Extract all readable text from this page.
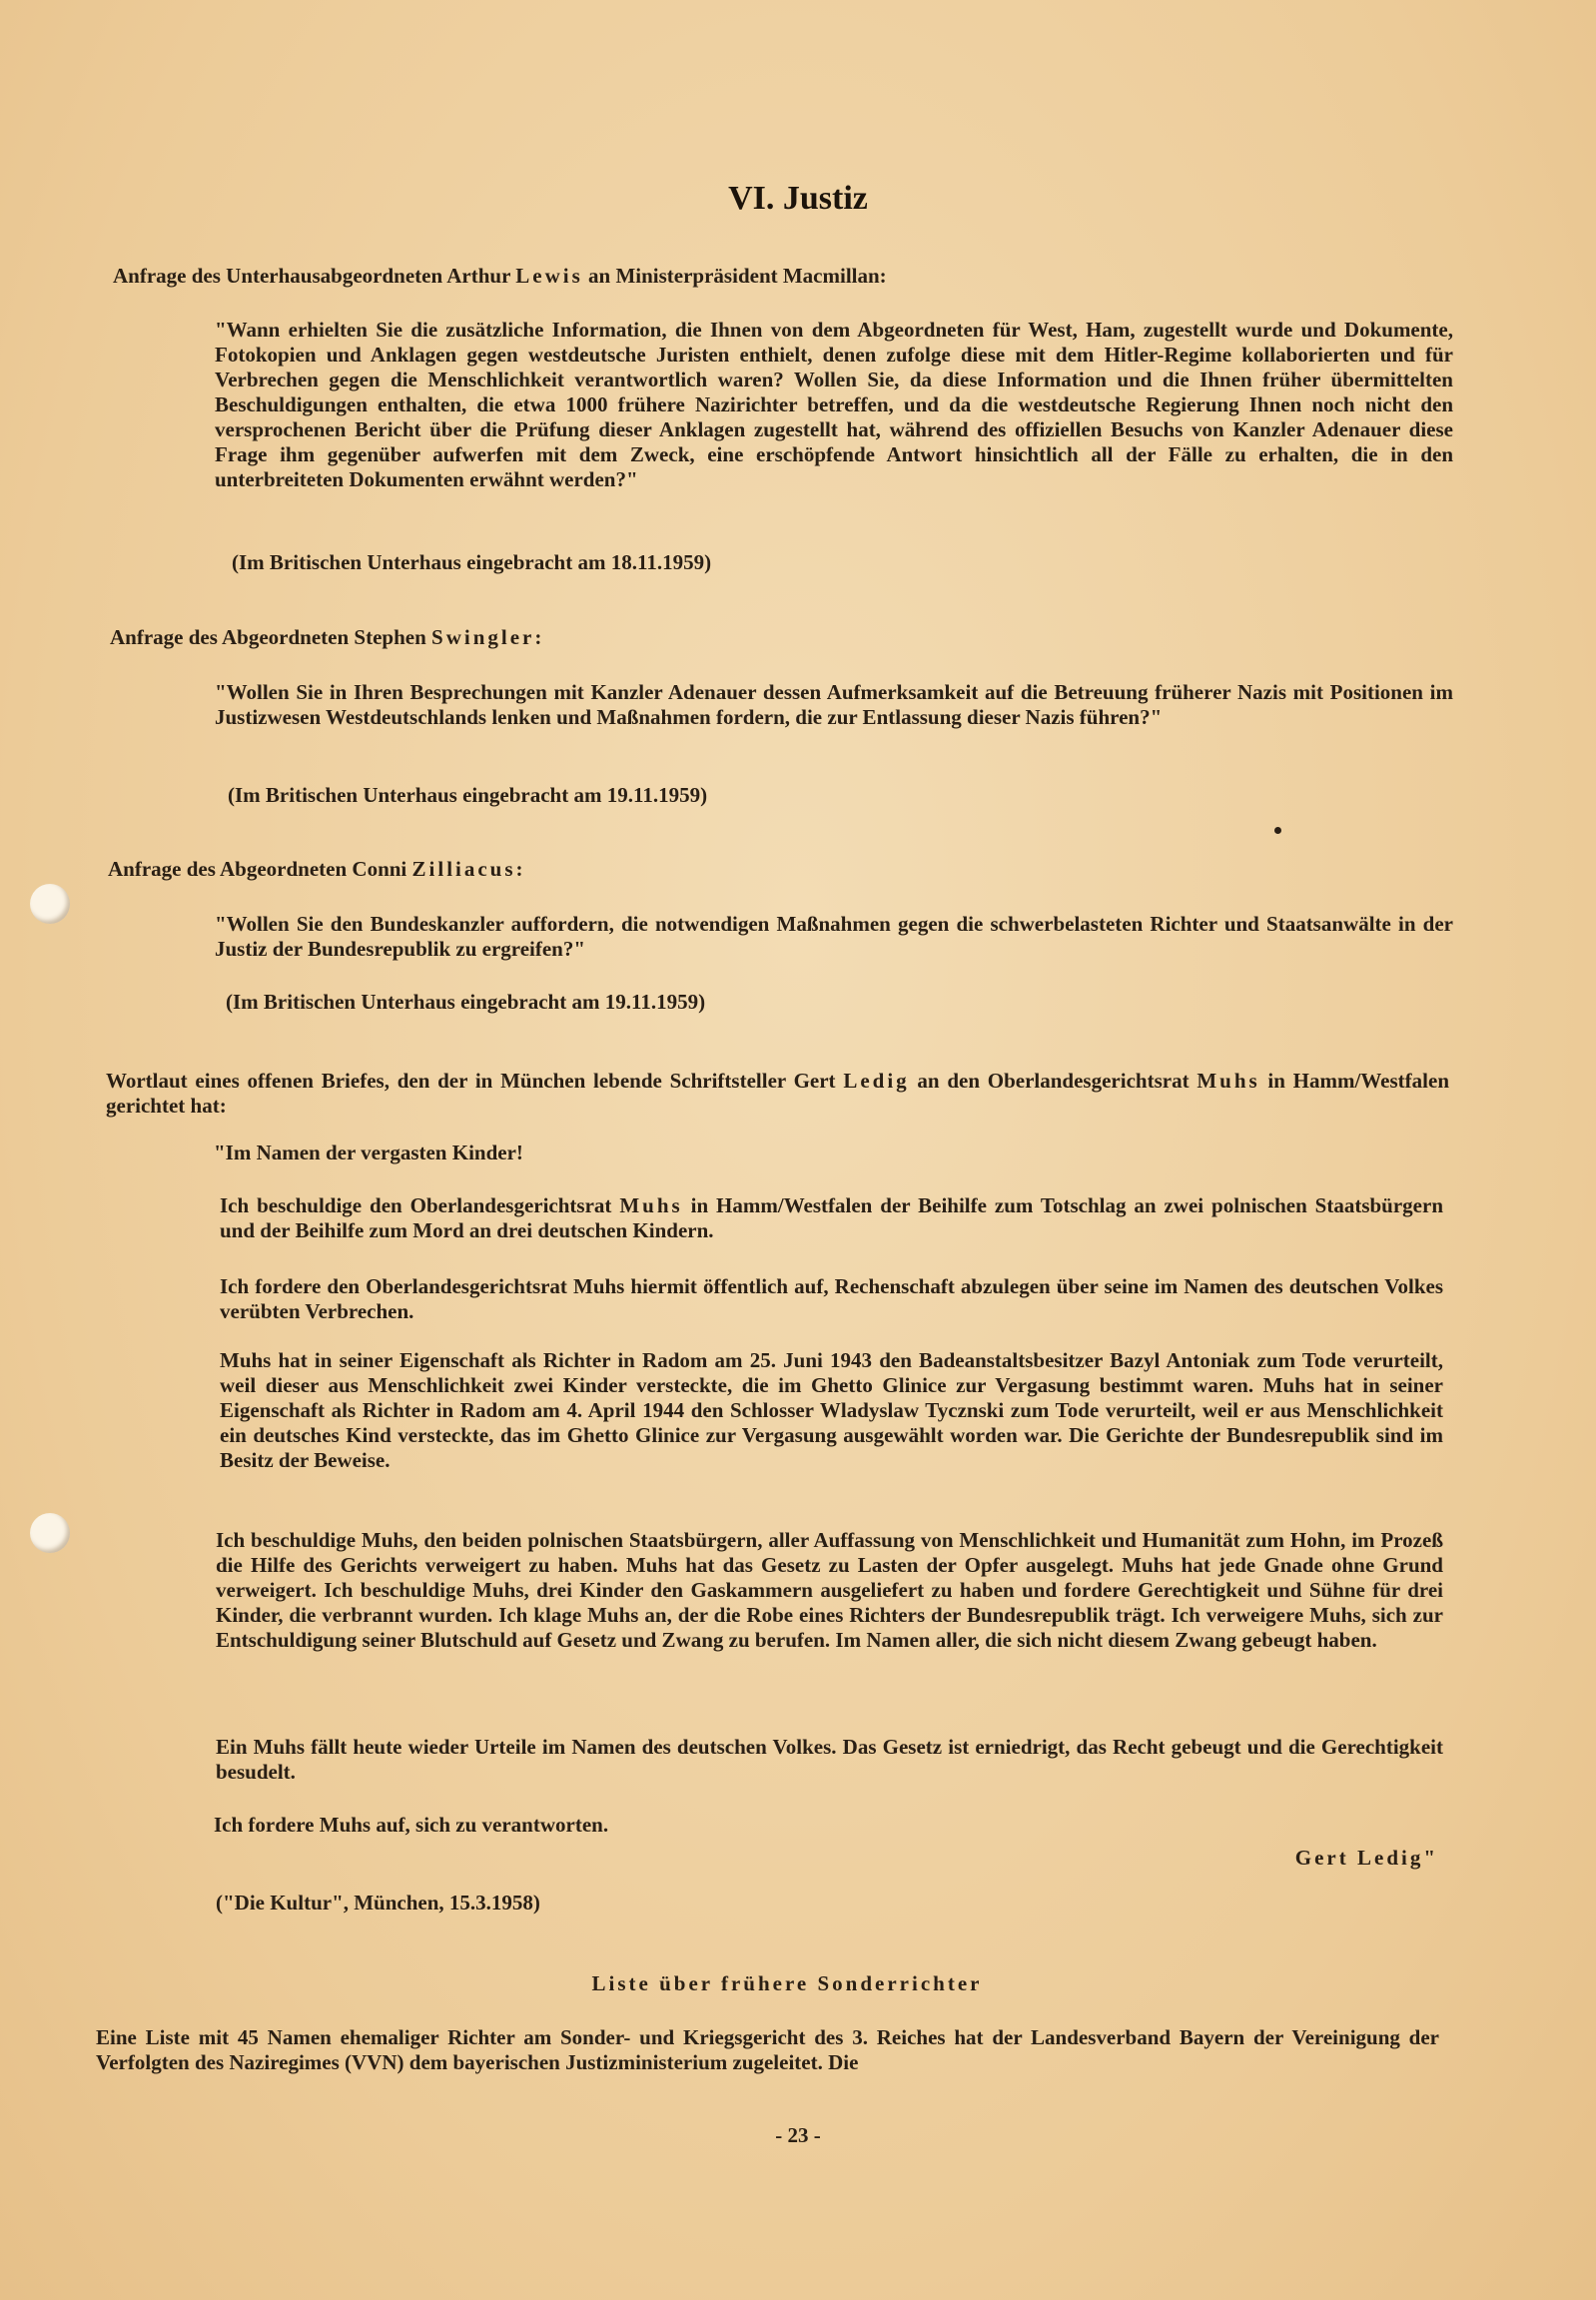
VI. Justiz
Anfrage des Unterhausabgeordneten Arthur Lewis an Ministerpräsident Macmillan:
"Wann erhielten Sie die zusätzliche Information, die Ihnen von dem Abgeordneten für West, Ham, zugestellt wurde und Dokumente, Fotokopien und Anklagen gegen westdeutsche Juristen enthielt, denen zufolge diese mit dem Hitler-Regime kollaborierten und für Verbrechen gegen die Menschlichkeit verantwortlich waren? Wollen Sie, da diese Information und die Ihnen früher übermittelten Beschuldigungen enthalten, die etwa 1000 frühere Nazirichter betreffen, und da die westdeutsche Regierung Ihnen noch nicht den versprochenen Bericht über die Prüfung dieser Anklagen zugestellt hat, während des offiziellen Besuchs von Kanzler Adenauer diese Frage ihm gegenüber aufwerfen mit dem Zweck, eine erschöpfende Antwort hinsichtlich all der Fälle zu erhalten, die in den unterbreiteten Dokumenten erwähnt werden?"
(Im Britischen Unterhaus eingebracht am 18.11.1959)
Anfrage des Abgeordneten Stephen Swingler:
"Wollen Sie in Ihren Besprechungen mit Kanzler Adenauer dessen Aufmerksamkeit auf die Betreuung früherer Nazis mit Positionen im Justizwesen Westdeutschlands lenken und Maßnahmen fordern, die zur Entlassung dieser Nazis führen?"
(Im Britischen Unterhaus eingebracht am 19.11.1959)
Anfrage des Abgeordneten Conni Zilliacus:
"Wollen Sie den Bundeskanzler auffordern, die notwendigen Maßnahmen gegen die schwerbelasteten Richter und Staatsanwälte in der Justiz der Bundesrepublik zu ergreifen?"
(Im Britischen Unterhaus eingebracht am 19.11.1959)
Wortlaut eines offenen Briefes, den der in München lebende Schriftsteller Gert Ledig an den Oberlandesgerichtsrat Muhs in Hamm/Westfalen gerichtet hat:
"Im Namen der vergasten Kinder!
Ich beschuldige den Oberlandesgerichtsrat Muhs in Hamm/Westfalen der Beihilfe zum Totschlag an zwei polnischen Staatsbürgern und der Beihilfe zum Mord an drei deutschen Kindern.
Ich fordere den Oberlandesgerichtsrat Muhs hiermit öffentlich auf, Rechenschaft abzulegen über seine im Namen des deutschen Volkes verübten Verbrechen.
Muhs hat in seiner Eigenschaft als Richter in Radom am 25. Juni 1943 den Badeanstaltsbesitzer Bazyl Antoniak zum Tode verurteilt, weil dieser aus Menschlichkeit zwei Kinder versteckte, die im Ghetto Glinice zur Vergasung bestimmt waren. Muhs hat in seiner Eigenschaft als Richter in Radom am 4. April 1944 den Schlosser Wladyslaw Tycznski zum Tode verurteilt, weil er aus Menschlichkeit ein deutsches Kind versteckte, das im Ghetto Glinice zur Vergasung ausgewählt worden war. Die Gerichte der Bundesrepublik sind im Besitz der Beweise.
Ich beschuldige Muhs, den beiden polnischen Staatsbürgern, aller Auffassung von Menschlichkeit und Humanität zum Hohn, im Prozeß die Hilfe des Gerichts verweigert zu haben. Muhs hat das Gesetz zu Lasten der Opfer ausgelegt. Muhs hat jede Gnade ohne Grund verweigert. Ich beschuldige Muhs, drei Kinder den Gaskammern ausgeliefert zu haben und fordere Gerechtigkeit und Sühne für drei Kinder, die verbrannt wurden. Ich klage Muhs an, der die Robe eines Richters der Bundesrepublik trägt. Ich verweigere Muhs, sich zur Entschuldigung seiner Blutschuld auf Gesetz und Zwang zu berufen. Im Namen aller, die sich nicht diesem Zwang gebeugt haben.
Ein Muhs fällt heute wieder Urteile im Namen des deutschen Volkes. Das Gesetz ist erniedrigt, das Recht gebeugt und die Gerechtigkeit besudelt.
Ich fordere Muhs auf, sich zu verantworten.
Gert Ledig"
("Die Kultur", München, 15.3.1958)
Liste über frühere Sonderrichter
Eine Liste mit 45 Namen ehemaliger Richter am Sonder- und Kriegsgericht des 3. Reiches hat der Landesverband Bayern der Vereinigung der Verfolgten des Naziregimes (VVN) dem bayerischen Justizministerium zugeleitet. Die
- 23 -
